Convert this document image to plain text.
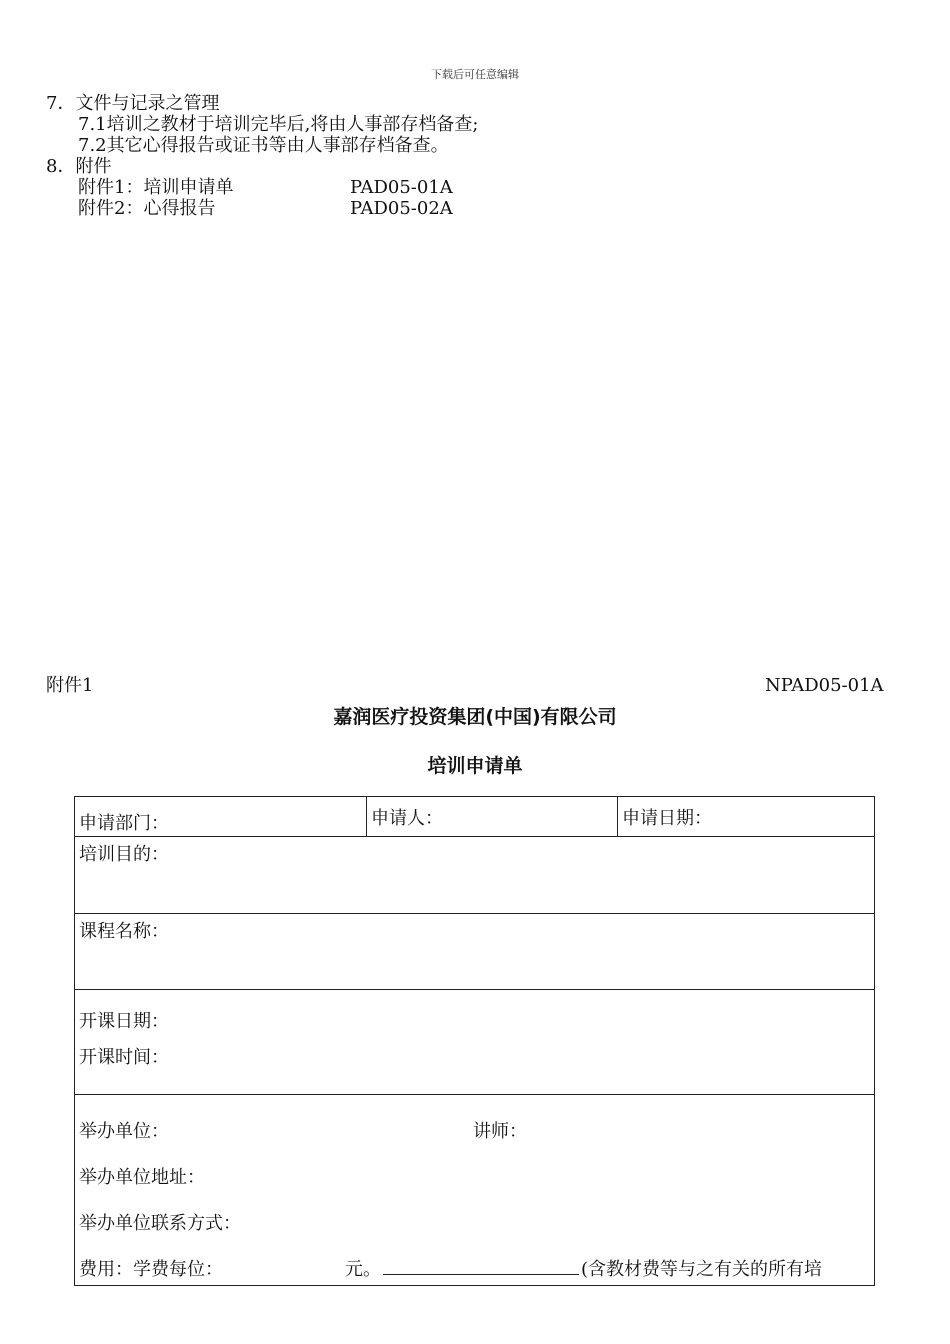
下载后可任意编辑
7．文件与记录之管理
7.1培训之教材于培训完毕后,将由人事部存档备查;
7.2其它心得报告或证书等由人事部存档备查。
8．附件
附件1：培训申请单	PAD05-01A
附件2：心得报告	PAD05-02A
附件1	NPAD05-01A
嘉润医疗投资集团(中国)有限公司
培训申请单
申请部门：	申请人：	申请日期：
培训目的：
课程名称：
开课日期：
开课时间：
举办单位：	讲师：
举办单位地址：
举办单位联系方式：
费用：学费每位：	元。	(含教材费等与之有关的所有培
